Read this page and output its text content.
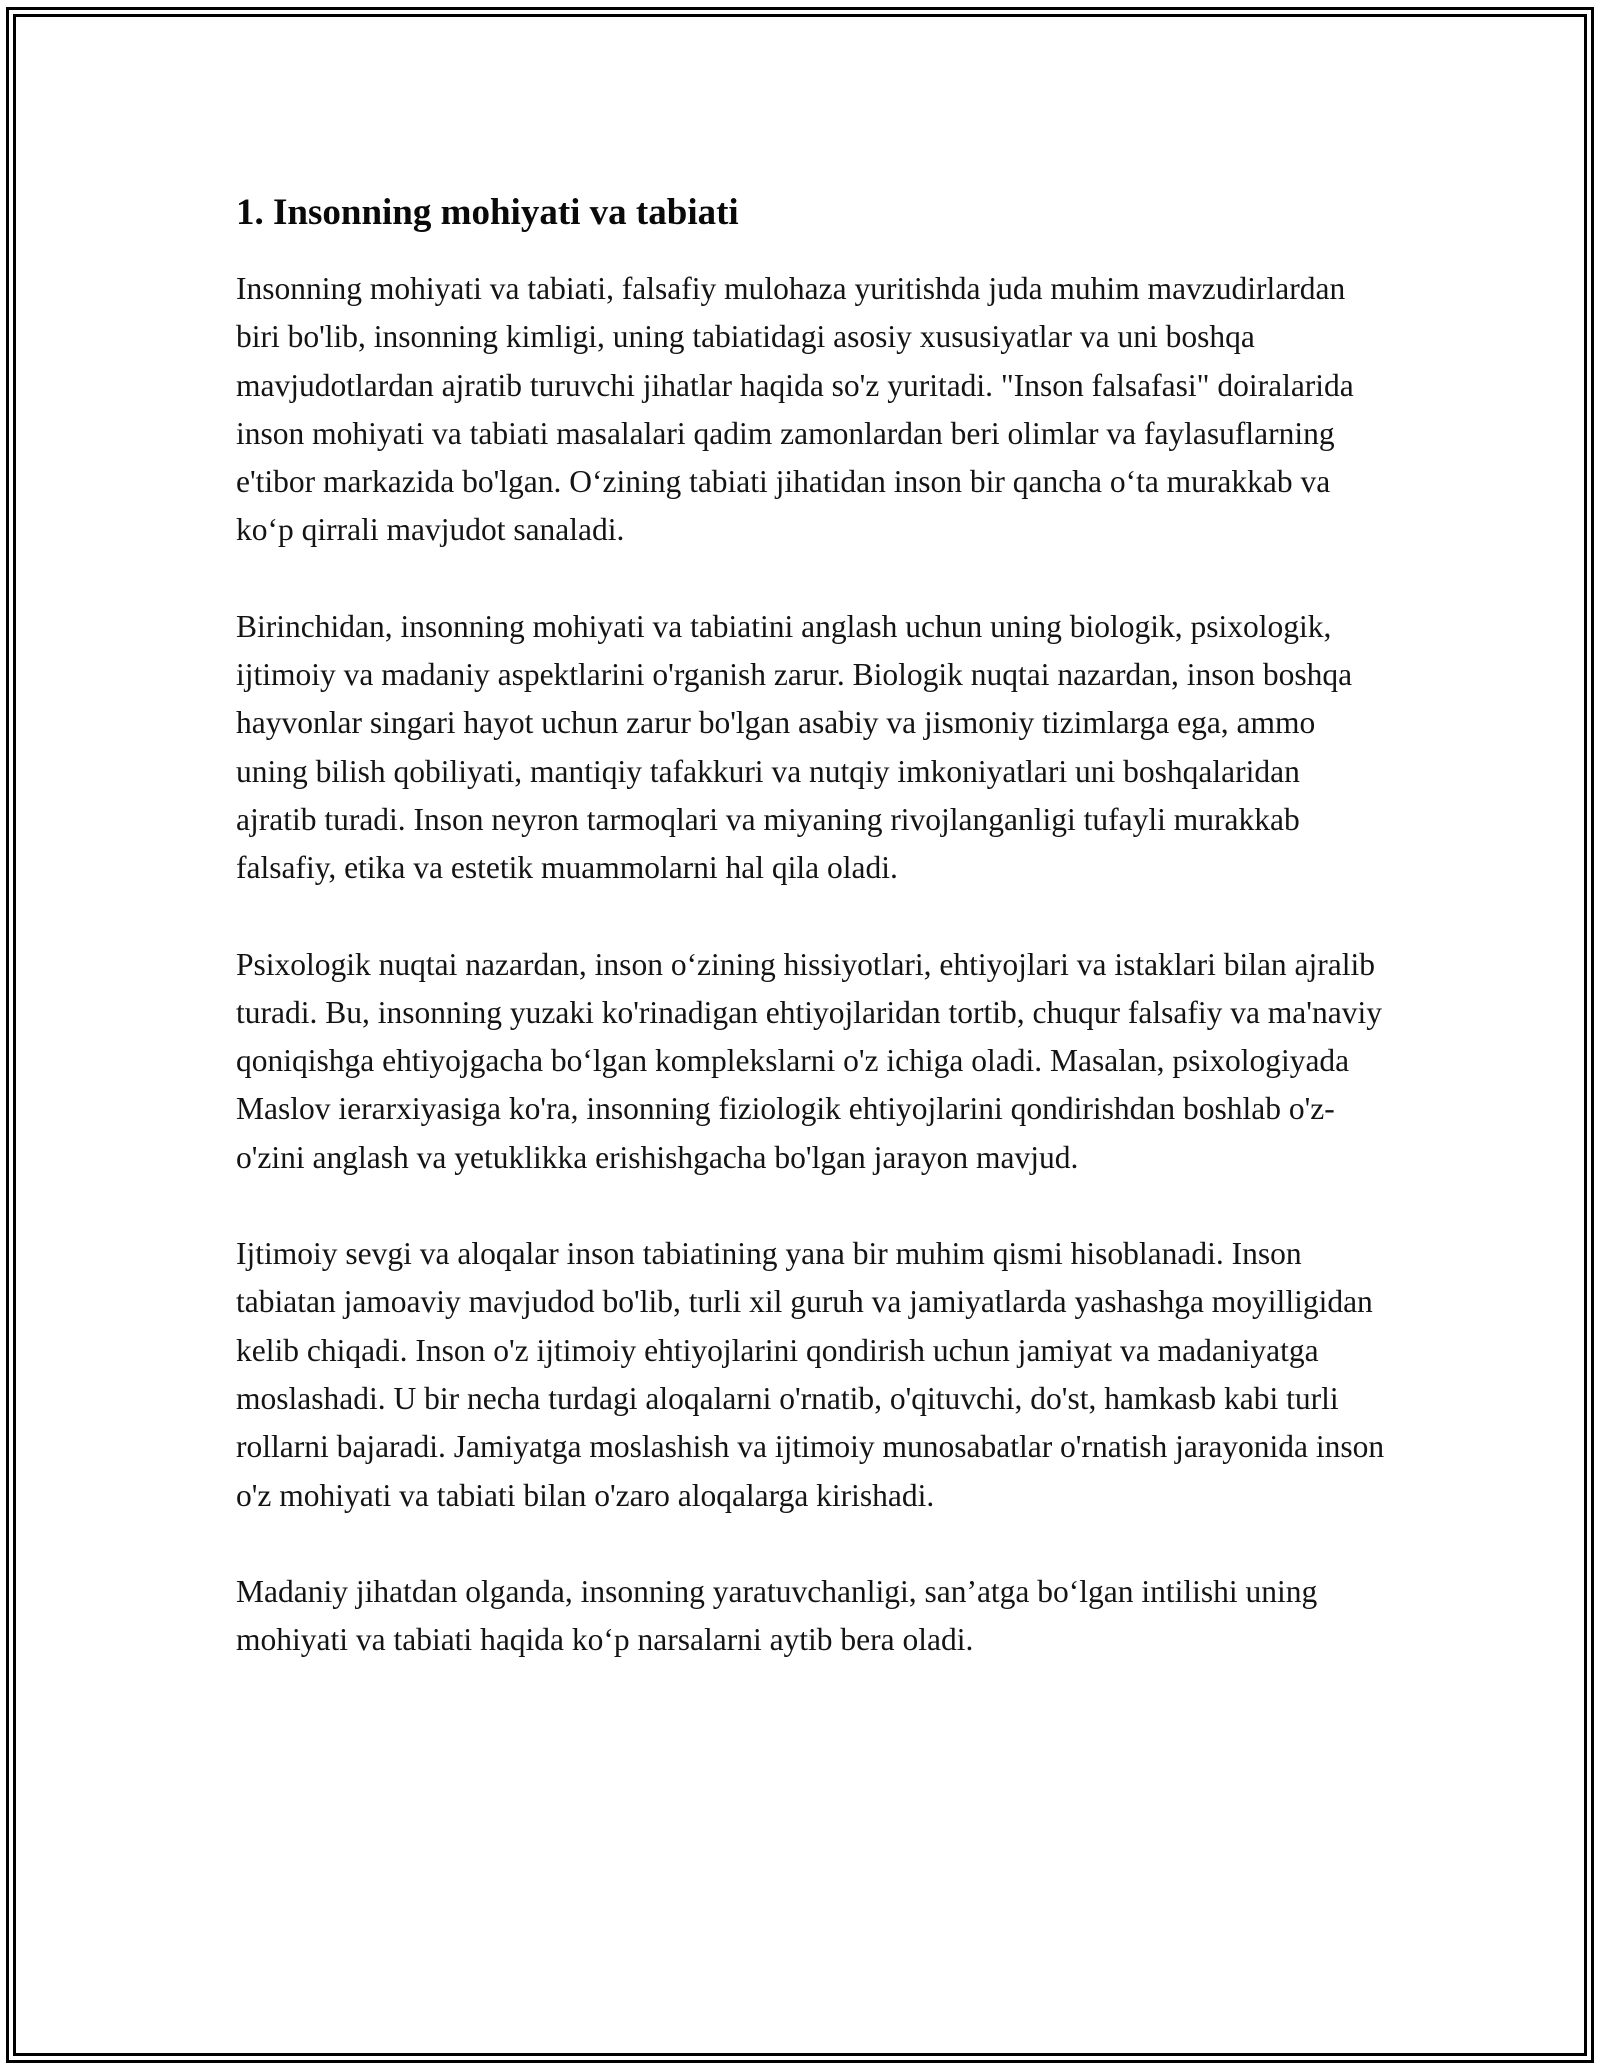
1. Insonning mohiyati va tabiati

Insonning mohiyati va tabiati, falsafiy mulohaza yuritishda juda muhim mavzudirlardan biri bo'lib, insonning kimligi, uning tabiatidagi asosiy xususiyatlar va uni boshqa mavjudotlardan ajratib turuvchi jihatlar haqida so'z yuritadi. "Inson falsafasi" doiralarida inson mohiyati va tabiati masalalari qadim zamonlardan beri olimlar va faylasuflarning e'tibor markazida bo'lgan. O‘zining tabiati jihatidan inson bir qancha o‘ta murakkab va ko‘p qirrali mavjudot sanaladi.

Birinchidan, insonning mohiyati va tabiatini anglash uchun uning biologik, psixologik, ijtimoiy va madaniy aspektlarini o'rganish zarur. Biologik nuqtai nazardan, inson boshqa hayvonlar singari hayot uchun zarur bo'lgan asabiy va jismoniy tizimlarga ega, ammo uning bilish qobiliyati, mantiqiy tafakkuri va nutqiy imkoniyatlari uni boshqalaridan ajratib turadi. Inson neyron tarmoqlari va miyaning rivojlanganligi tufayli murakkab falsafiy, etika va estetik muammolarni hal qila oladi.

Psixologik nuqtai nazardan, inson o‘zining hissiyotlari, ehtiyojlari va istaklari bilan ajralib turadi. Bu, insonning yuzaki ko'rinadigan ehtiyojlaridan tortib, chuqur falsafiy va ma'naviy qoniqishga ehtiyojgacha bo‘lgan komplekslarni o'z ichiga oladi. Masalan, psixologiyada Maslov ierarxiyasiga ko'ra, insonning fiziologik ehtiyojlarini qondirishdan boshlab o'z-o'zini anglash va yetuklikka erishishgacha bo'lgan jarayon mavjud.

Ijtimoiy sevgi va aloqalar inson tabiatining yana bir muhim qismi hisoblanadi. Inson tabiatan jamoaviy mavjudod bo'lib, turli xil guruh va jamiyatlarda yashashga moyilligidan kelib chiqadi. Inson o'z ijtimoiy ehtiyojlarini qondirish uchun jamiyat va madaniyatga moslashadi. U bir necha turdagi aloqalarni o'rnatib, o'qituvchi, do'st, hamkasb kabi turli rollarni bajaradi. Jamiyatga moslashish va ijtimoiy munosabatlar o'rnatish jarayonida inson o'z mohiyati va tabiati bilan o'zaro aloqalarga kirishadi.

Madaniy jihatdan olganda, insonning yaratuvchanligi, san’atga bo‘lgan intilishi uning mohiyati va tabiati haqida ko‘p narsalarni aytib bera oladi.
